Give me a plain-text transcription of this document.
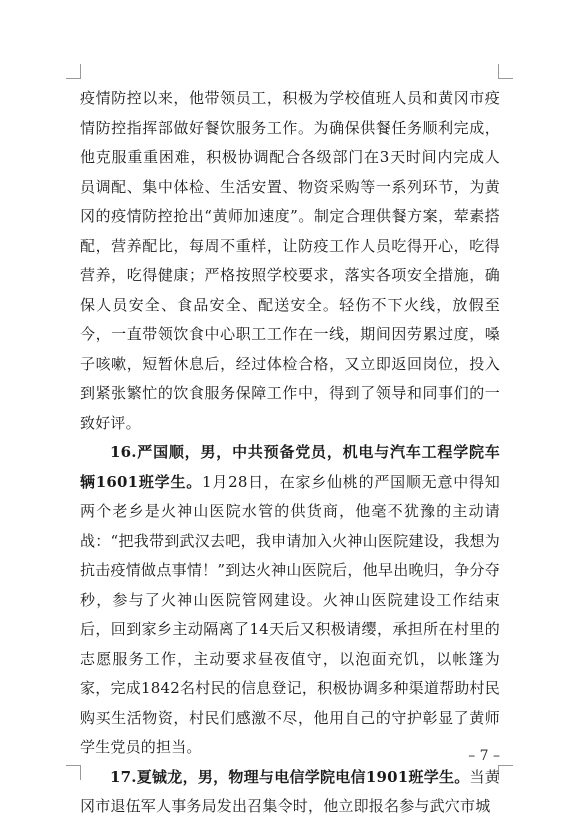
疫情防控以来，他带领员工，积极为学校值班人员和黄冈市疫情防控指挥部做好餐饮服务工作。为确保供餐任务顺利完成，他克服重重困难，积极协调配合各级部门在3天时间内完成人员调配、集中体检、生活安置、物资采购等一系列环节，为黄冈的疫情防控抢出“黄师加速度”。制定合理供餐方案，荤素搭配，营养配比，每周不重样，让防疫工作人员吃得开心，吃得营养，吃得健康；严格按照学校要求，落实各项安全措施，确保人员安全、食品安全、配送安全。轻伤不下火线，放假至今，一直带领饮食中心职工工作在一线，期间因劳累过度，嗓子咳嗽，短暂休息后，经过体检合格，又立即返回岗位，投入到紧张繁忙的饮食服务保障工作中，得到了领导和同事们的一致好评。

16.严国顺，男，中共预备党员，机电与汽车工程学院车辆1601班学生。1月28日，在家乡仙桃的严国顺无意中得知两个老乡是火神山医院水管的供货商，他毫不犹豫的主动请战：“把我带到武汉去吧，我申请加入火神山医院建设，我想为抗击疫情做点事情！”到达火神山医院后，他早出晚归，争分夺秒，参与了火神山医院管网建设。火神山医院建设工作结束后，回到家乡主动隔离了14天后又积极请缨，承担所在村里的志愿服务工作，主动要求昼夜值守，以泡面充饥，以帐篷为家，完成1842名村民的信息登记，积极协调多种渠道帮助村民购买生活物资，村民们感激不尽，他用自己的守护彰显了黄师学生党员的担当。

17.夏铖龙，男，物理与电信学院电信1901班学生。当黄冈市退伍军人事务局发出召集令时，他立即报名参与武穴市城

– 7 –
